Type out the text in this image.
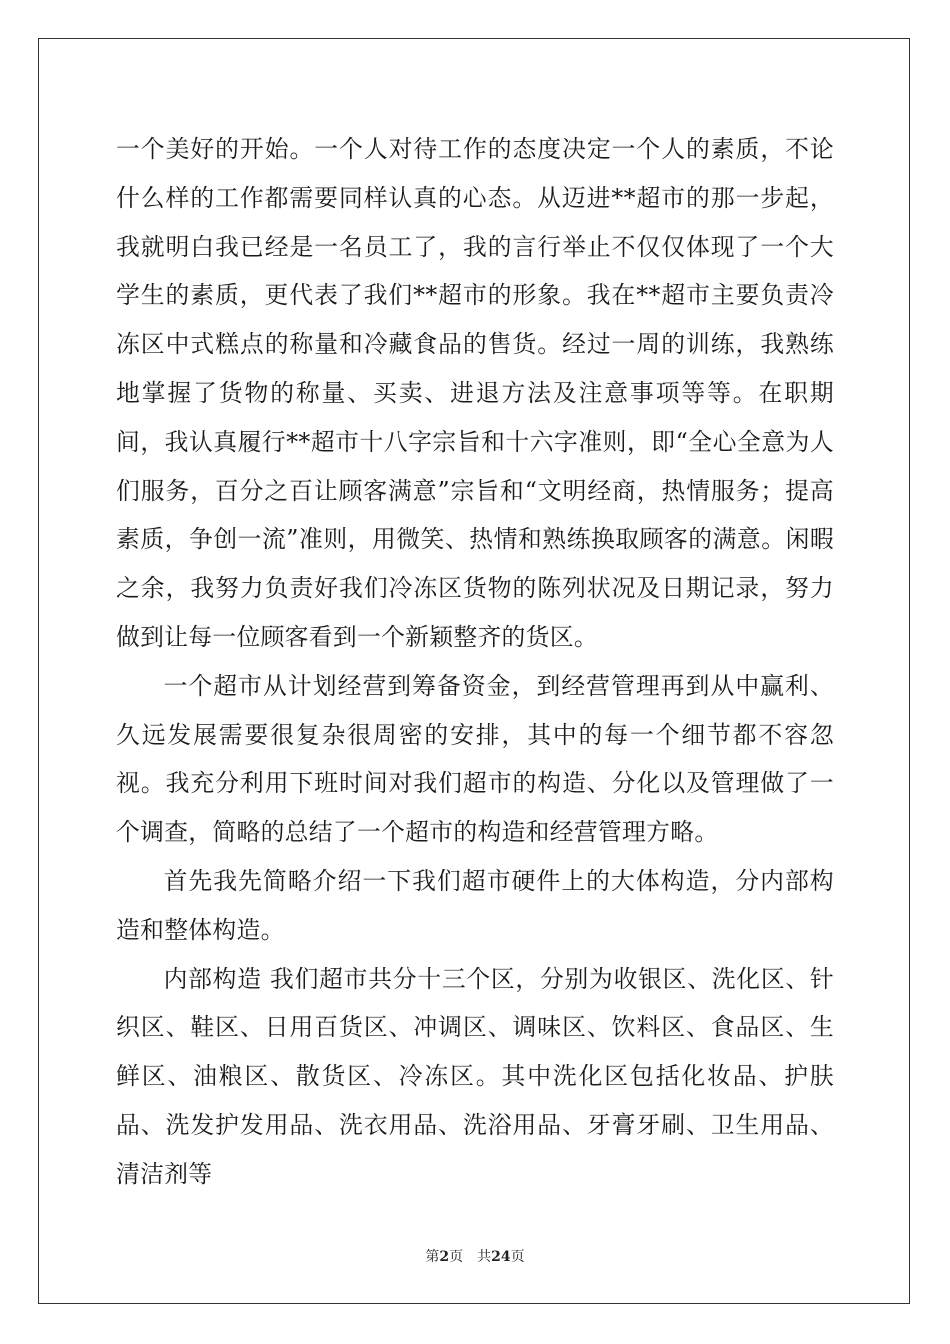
一个美好的开始。一个人对待工作的态度决定一个人的素质，不论什么样的工作都需要同样认真的心态。从迈进**超市的那一步起，我就明白我已经是一名员工了，我的言行举止不仅仅体现了一个大学生的素质，更代表了我们**超市的形象。我在**超市主要负责冷冻区中式糕点的称量和冷藏食品的售货。经过一周的训练，我熟练地掌握了货物的称量、买卖、进退方法及注意事项等等。在职期间，我认真履行**超市十八字宗旨和十六字准则，即“全心全意为人们服务，百分之百让顾客满意”宗旨和“文明经商，热情服务；提高素质，争创一流”准则，用微笑、热情和熟练换取顾客的满意。闲暇之余，我努力负责好我们冷冻区货物的陈列状况及日期记录，努力做到让每一位顾客看到一个新颖整齐的货区。

一个超市从计划经营到筹备资金，到经营管理再到从中赢利、久远发展需要很复杂很周密的安排，其中的每一个细节都不容忽视。我充分利用下班时间对我们超市的构造、分化以及管理做了一个调查，简略的总结了一个超市的构造和经营管理方略。

首先我先简略介绍一下我们超市硬件上的大体构造，分内部构造和整体构造。

内部构造 我们超市共分十三个区，分别为收银区、洗化区、针织区、鞋区、日用百货区、冲调区、调味区、饮料区、食品区、生鲜区、油粮区、散货区、冷冻区。其中洗化区包括化妆品、护肤品、洗发护发用品、洗衣用品、洗浴用品、牙膏牙刷、卫生用品、清洁剂等

第2页 共24页
